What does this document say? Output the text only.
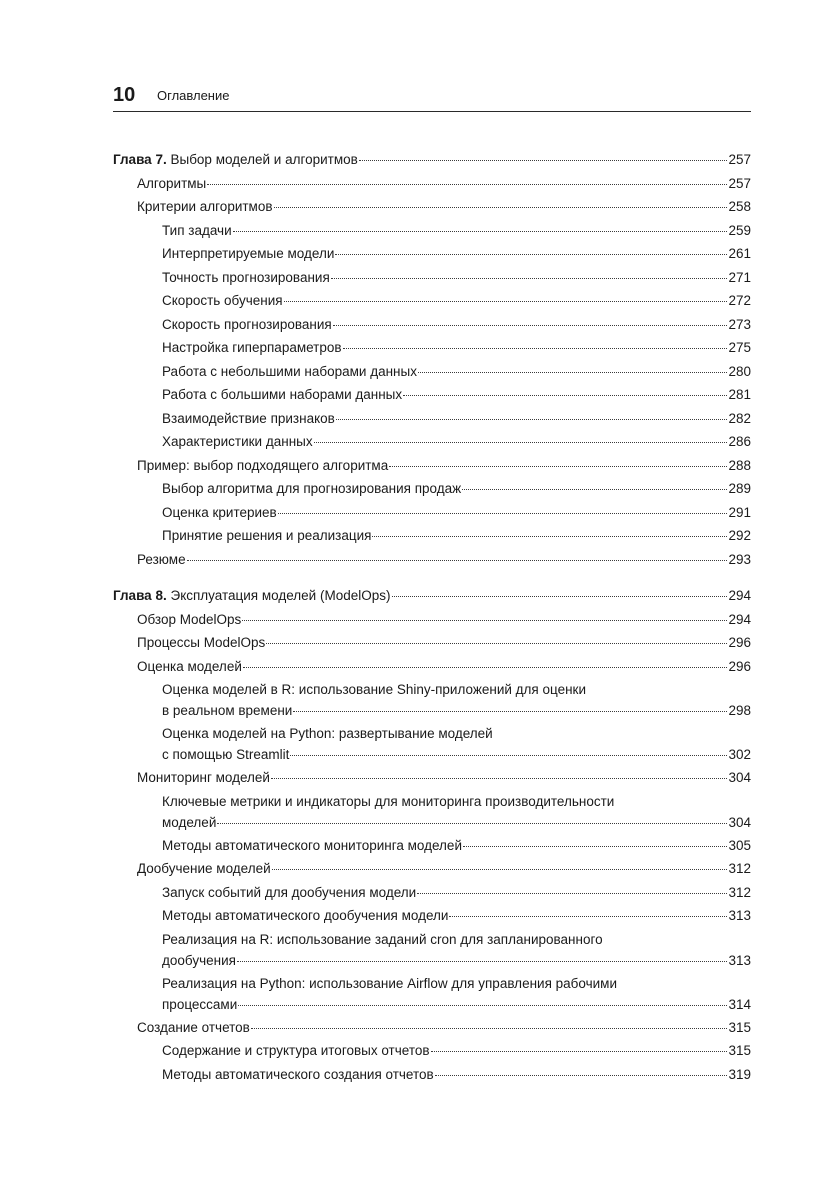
10 Оглавление
Глава 7. Выбор моделей и алгоритмов	257
Алгоритмы	257
Критерии алгоритмов	258
Тип задачи	259
Интерпретируемые модели	261
Точность прогнозирования	271
Скорость обучения	272
Скорость прогнозирования	273
Настройка гиперпараметров	275
Работа с небольшими наборами данных	280
Работа с большими наборами данных	281
Взаимодействие признаков	282
Характеристики данных	286
Пример: выбор подходящего алгоритма	288
Выбор алгоритма для прогнозирования продаж	289
Оценка критериев	291
Принятие решения и реализация	292
Резюме	293
Глава 8. Эксплуатация моделей (ModelOps)	294
Обзор ModelOps	294
Процессы ModelOps	296
Оценка моделей	296
Оценка моделей в R: использование Shiny-приложений для оценки
в реальном времени	298
Оценка моделей на Python: развертывание моделей
с помощью Streamlit	302
Мониторинг моделей	304
Ключевые метрики и индикаторы для мониторинга производительности
моделей	304
Методы автоматического мониторинга моделей	305
Дообучение моделей	312
Запуск событий для дообучения модели	312
Методы автоматического дообучения модели	313
Реализация на R: использование заданий cron для запланированного
дообучения	313
Реализация на Python: использование Airflow для управления рабочими
процессами	314
Создание отчетов	315
Содержание и структура итоговых отчетов	315
Методы автоматического создания отчетов	319
